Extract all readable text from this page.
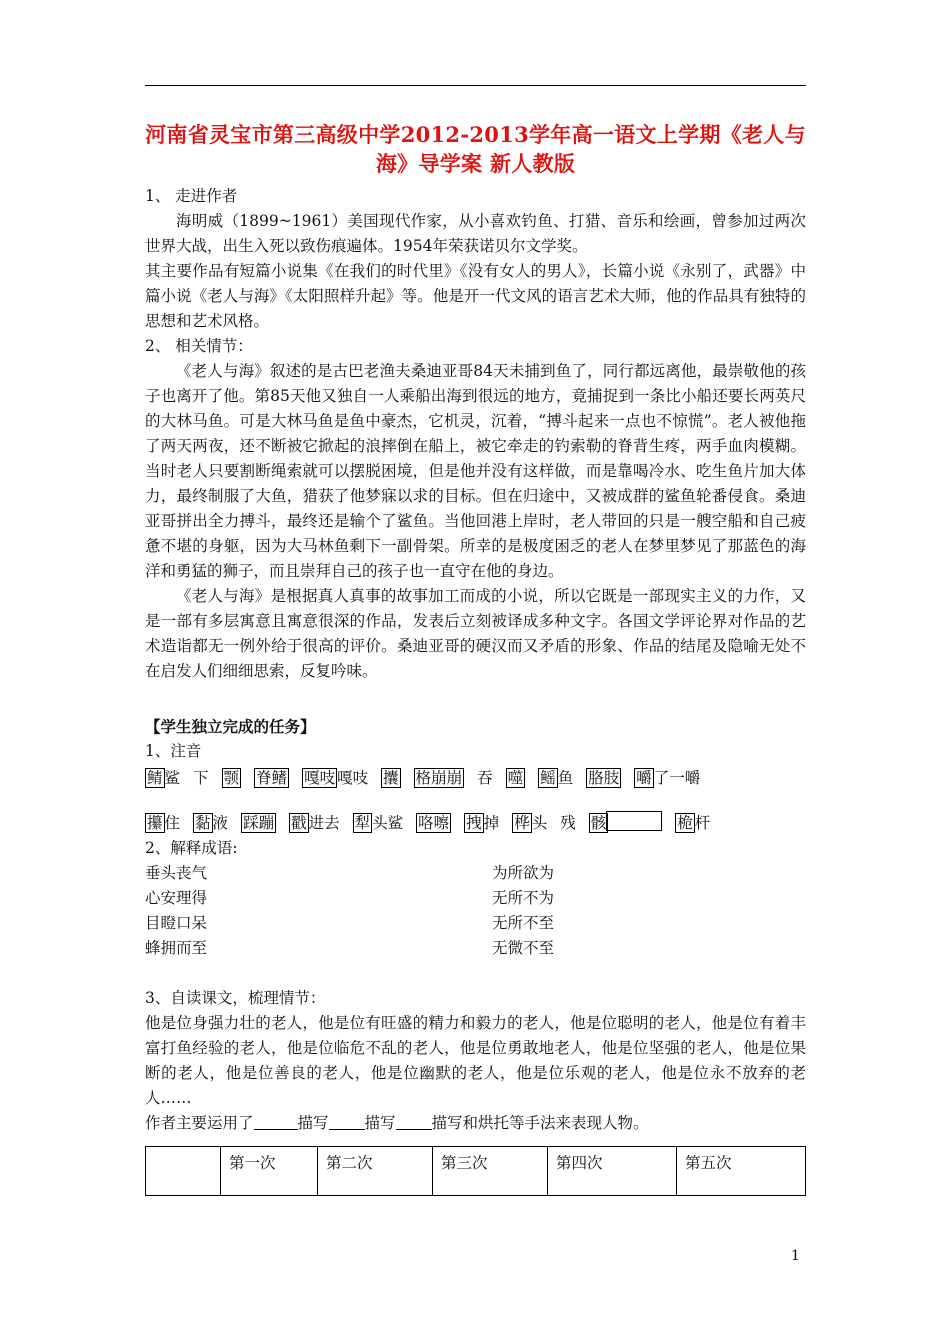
河南省灵宝市第三高级中学2012-2013学年高一语文上学期《老人与海》导学案 新人教版

1、 走进作者

海明威（1899~1961）美国现代作家，从小喜欢钓鱼、打猎、音乐和绘画，曾参加过两次世界大战，出生入死以致伤痕遍体。1954年荣获诺贝尔文学奖。

其主要作品有短篇小说集《在我们的时代里》《没有女人的男人》，长篇小说《永别了，武器》中篇小说《老人与海》《太阳照样升起》等。他是开一代文风的语言艺术大师，他的作品具有独特的思想和艺术风格。

2、 相关情节：

《老人与海》叙述的是古巴老渔夫桑迪亚哥84天未捕到鱼了，同行都远离他，最崇敬他的孩子也离开了他。第85天他又独自一人乘船出海到很远的地方，竟捕捉到一条比小船还要长两英尺的大林马鱼。可是大林马鱼是鱼中豪杰，它机灵，沉着，“搏斗起来一点也不惊慌”。老人被他拖了两天两夜，还不断被它掀起的浪摔倒在船上，被它牵走的钓索勒的脊背生疼，两手血肉模糊。当时老人只要割断绳索就可以摆脱困境，但是他并没有这样做，而是靠喝冷水、吃生鱼片加大体力，最终制服了大鱼，猎获了他梦寐以求的目标。但在归途中，又被成群的鲨鱼轮番侵食。桑迪亚哥拼出全力搏斗，最终还是输个了鲨鱼。当他回港上岸时，老人带回的只是一艘空船和自己疲惫不堪的身躯，因为大马林鱼剩下一副骨架。所幸的是极度困乏的老人在梦里梦见了那蓝色的海洋和勇猛的狮子，而且崇拜自己的孩子也一直守在他的身边。

《老人与海》是根据真人真事的故事加工而成的小说，所以它既是一部现实主义的力作，又是一部有多层寓意且寓意很深的作品，发表后立刻被译成多种文字。各国文学评论界对作品的艺术造诣都无一例外给于很高的评价。桑迪亚哥的硬汉而又矛盾的形象、作品的结尾及隐喻无处不在启发人们细细思索，反复吟味。

【学生独立完成的任务】

1、注音

鲭 鲨 下 颚 脊鳍 嘎吱 嘎吱 攮 格崩崩 吞 噬 鳐 鱼 胳肢 嚼 了一嚼
攥 住 黏 液 踩蹦 戳 进去 犁 头鲨 咯嚓 拽 掉 桦 头 残 骸	桅 杆

2、解释成语:

垂头丧气	为所欲为
心安理得	无所不为
目瞪口呆	无所不至
蜂拥而至	无微不至

3、自读课文，梳理情节：

他是位身强力壮的老人，他是位有旺盛的精力和毅力的老人，他是位聪明的老人，他是位有着丰富打鱼经验的老人，他是位临危不乱的老人，他是位勇敢地老人，他是位坚强的老人，他是位果断的老人，他是位善良的老人，他是位幽默的老人，他是位乐观的老人，他是位永不放弃的老人……

作者主要运用了	描写 描写 描写和烘托等手法来表现人物。

	第一次	第二次	第三次	第四次	第五次
1
